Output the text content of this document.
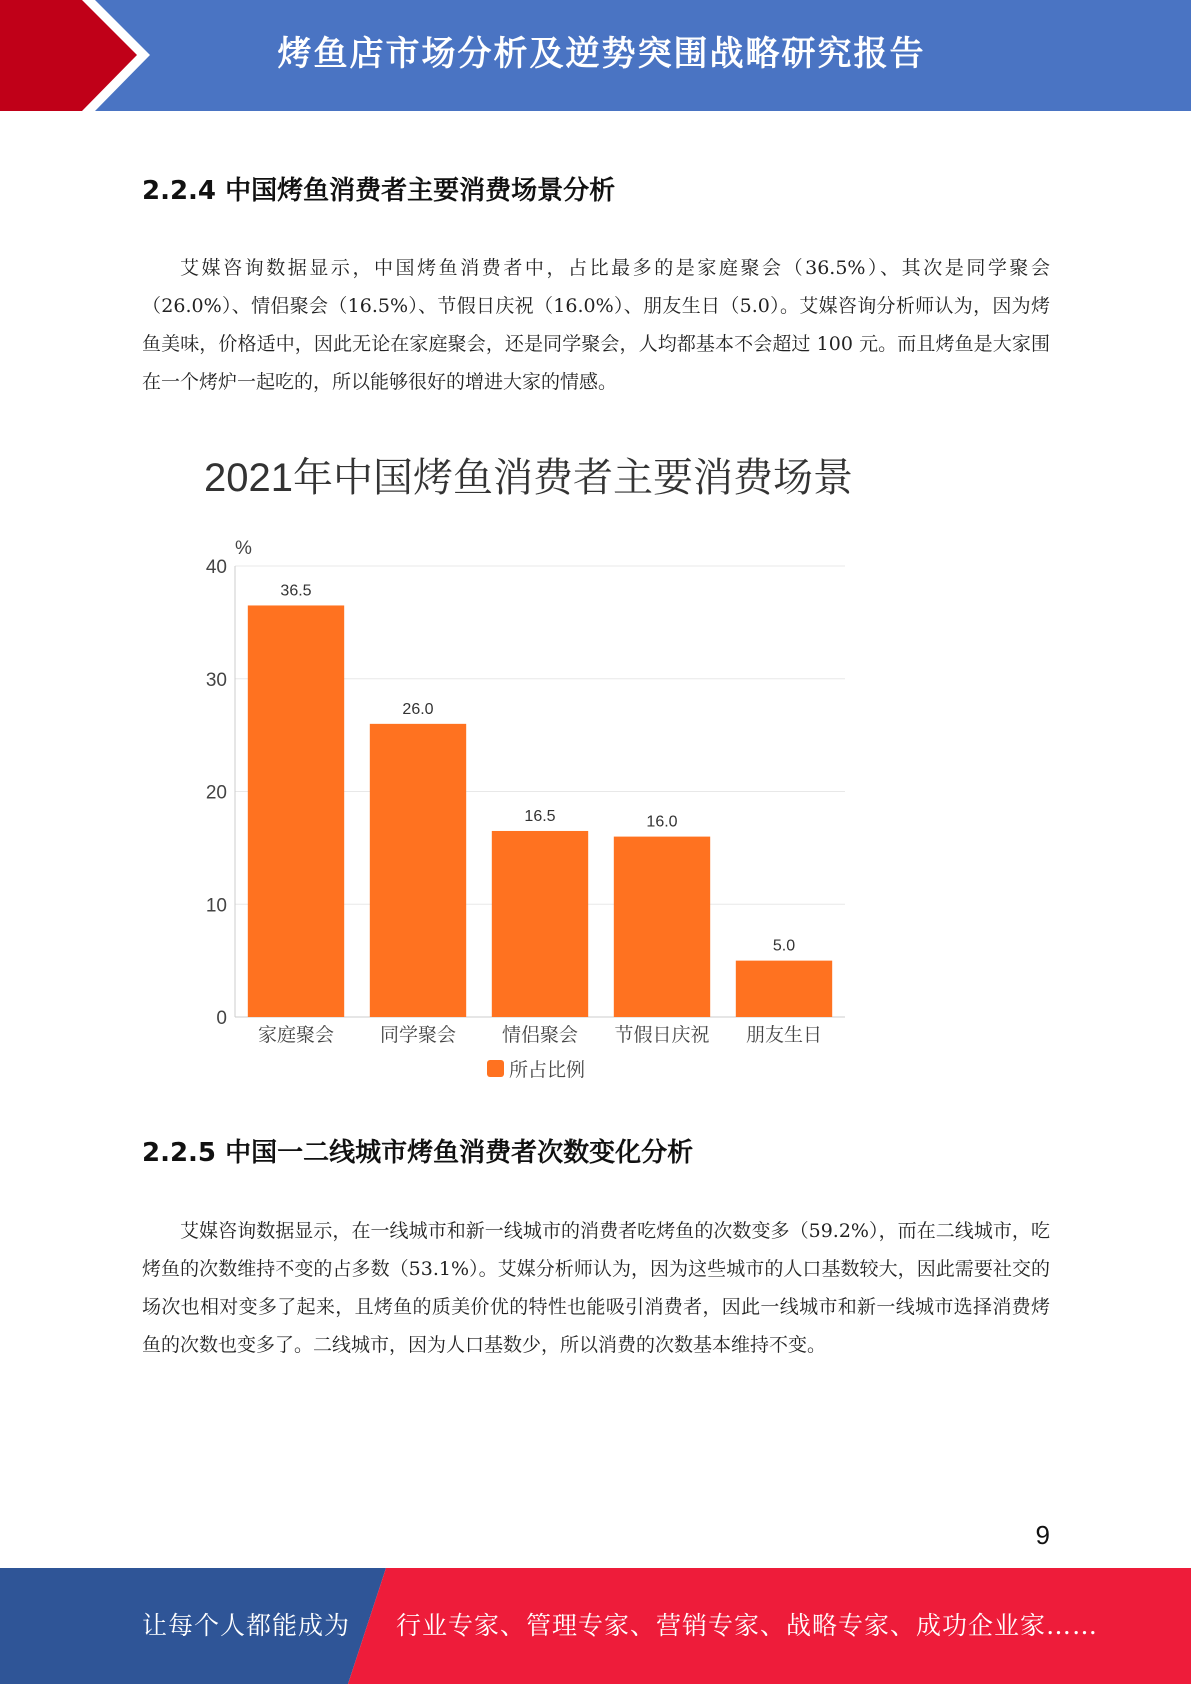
烤鱼店市场分析及逆势突围战略研究报告
2.2.4 中国烤鱼消费者主要消费场景分析

艾媒咨询数据显示，中国烤鱼消费者中，占比最多的是家庭聚会（36.5%）、其次是同学聚会（26.0%）、情侣聚会（16.5%）、节假日庆祝（16.0%）、朋友生日（5.0）。艾媒咨询分析师认为，因为烤鱼美味，价格适中，因此无论在家庭聚会，还是同学聚会，人均都基本不会超过 100 元。而且烤鱼是大家围在一个烤炉一起吃的，所以能够很好的增进大家的情感。

2021年中国烤鱼消费者主要消费场景
0
10
20
30
40
%
36.5
家庭聚会
26.0
同学聚会
16.5
情侣聚会
16.0
节假日庆祝
5.0
朋友生日
所占比例
2.2.5 中国一二线城市烤鱼消费者次数变化分析

艾媒咨询数据显示，在一线城市和新一线城市的消费者吃烤鱼的次数变多（59.2%），而在二线城市，吃烤鱼的次数维持不变的占多数（53.1%）。艾媒分析师认为，因为这些城市的人口基数较大，因此需要社交的场次也相对变多了起来，且烤鱼的质美价优的特性也能吸引消费者，因此一线城市和新一线城市选择消费烤鱼的次数也变多了。二线城市，因为人口基数少，所以消费的次数基本维持不变。

9
让每个人都能成为 行业专家、管理专家、营销专家、战略专家、成功企业家……
